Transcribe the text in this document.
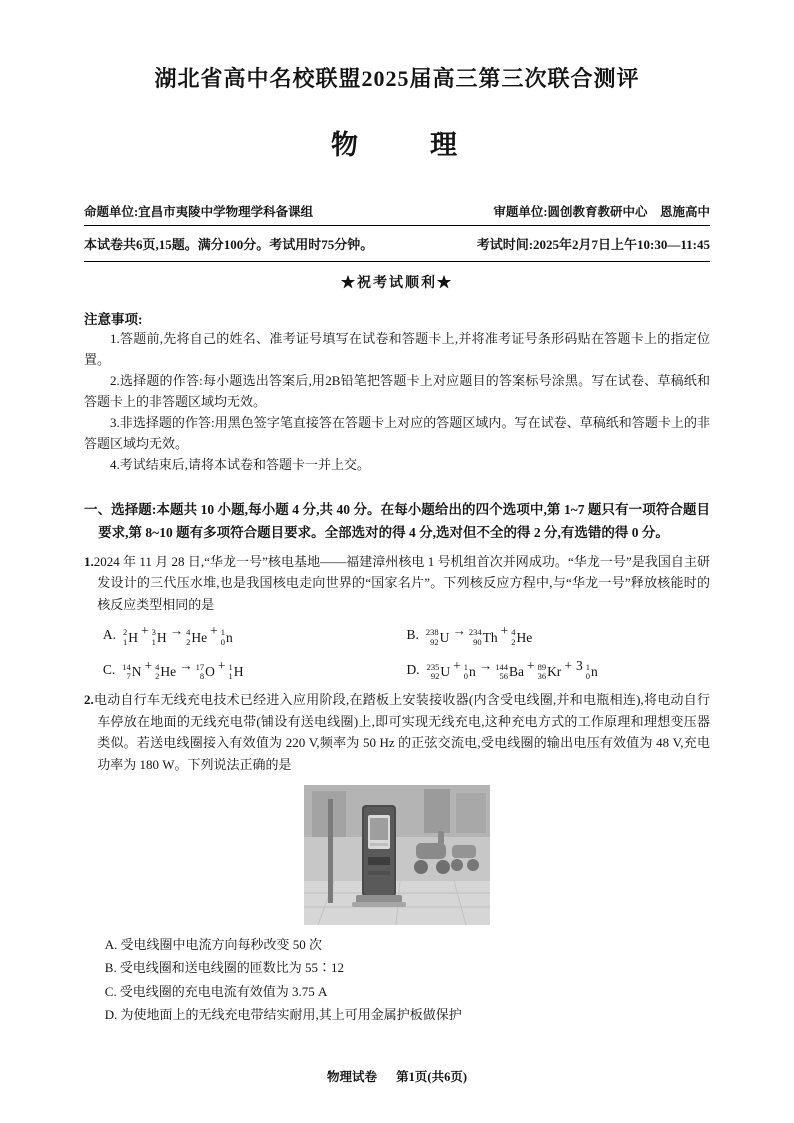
湖北省高中名校联盟2025届高三第三次联合测评
物　　理
命题单位:宜昌市夷陵中学物理学科备课组	审题单位:圆创教育教研中心　恩施高中
本试卷共6页,15题。满分100分。考试用时75分钟。	考试时间:2025年2月7日上午10:30—11:45
★祝考试顺利★
注意事项:

1.答题前,先将自己的姓名、准考证号填写在试卷和答题卡上,并将准考证号条形码贴在答题卡上的指定位置。

2.选择题的作答:每小题选出答案后,用2B铅笔把答题卡上对应题目的答案标号涂黑。写在试卷、草稿纸和答题卡上的非答题区域均无效。

3.非选择题的作答:用黑色签字笔直接答在答题卡上对应的答题区域内。写在试卷、草稿纸和答题卡上的非答题区域均无效。

4.考试结束后,请将本试卷和答题卡一并上交。

一、选择题:本题共 10 小题,每小题 4 分,共 40 分。在每小题给出的四个选项中,第 1~7 题只有一项符合题目要求,第 8~10 题有多项符合题目要求。全部选对的得 4 分,选对但不全的得 2 分,有选错的得 0 分。

1.2024 年 11 月 28 日,“华龙一号”核电基地——福建漳州核电 1 号机组首次并网成功。“华龙一号”是我国自主研发设计的三代压水堆,也是我国核电走向世界的“国家名片”。下列核反应方程中,与“华龙一号”释放核能时的核反应类型相同的是

A. 2
1 H + 3
1 H → 4
2 He + 1
0 n	B. 238
92 U → 234
90 Th + 4
2 He
C. 14
7 N + 4
2 He → 17
8 O + 1
1 H	D. 235
92 U + 1
0 n → 144
56 Ba + 89
36 Kr + 3 1
0 n

2.电动自行车无线充电技术已经进入应用阶段,在踏板上安装接收器(内含受电线圈,并和电瓶相连),将电动自行车停放在地面的无线充电带(铺设有送电线圈)上,即可实现无线充电,这种充电方式的工作原理和理想变压器类似。若送电线圈接入有效值为 220 V,频率为 50 Hz 的正弦交流电,受电线圈的输出电压有效值为 48 V,充电功率为 180 W。下列说法正确的是

A. 受电线圈中电流方向每秒改变 50 次

B. 受电线圈和送电线圈的匝数比为 55∶12

C. 受电线圈的充电电流有效值为 3.75 A

D. 为使地面上的无线充电带结实耐用,其上可用金属护板做保护

物理试卷 第1页(共6页)
